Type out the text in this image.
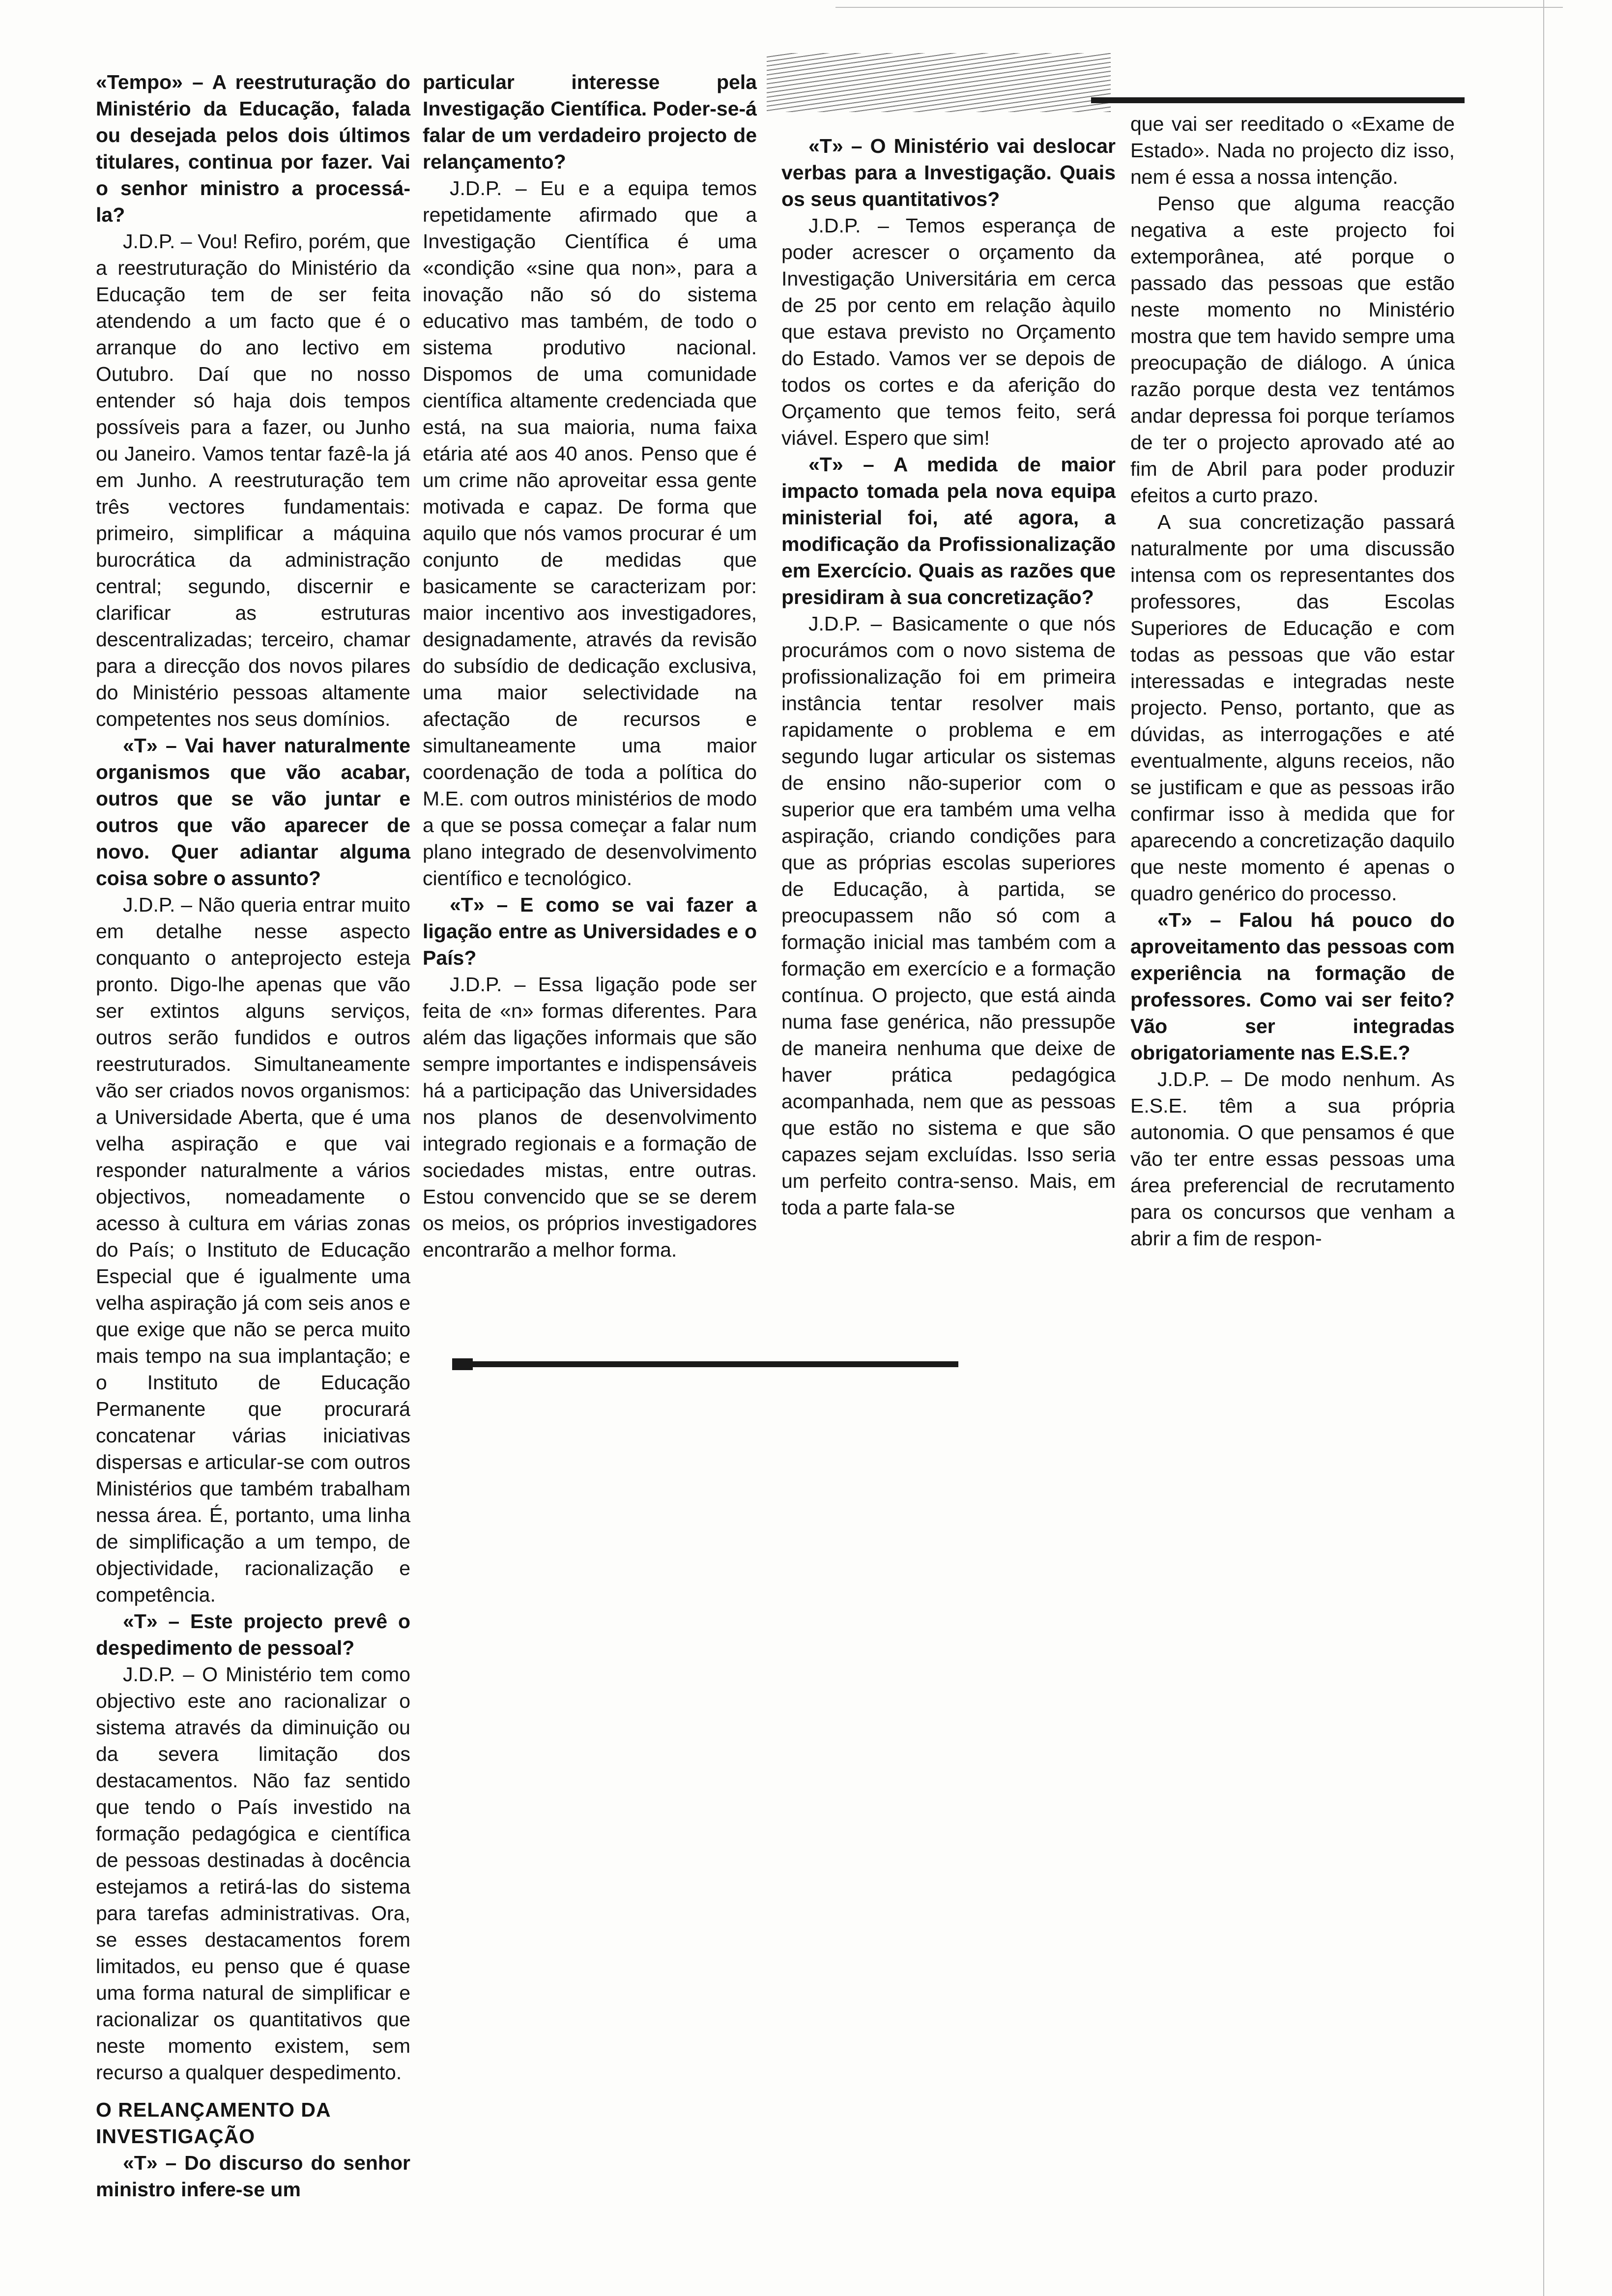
«Tempo» – A reestruturação do Ministério da Educação, falada ou desejada pelos dois últimos titulares, continua por fazer. Vai o senhor ministro a processá-la?

J.D.P. – Vou! Refiro, porém, que a reestruturação do Ministério da Educação tem de ser feita atendendo a um facto que é o arranque do ano lectivo em Outubro. Daí que no nosso entender só haja dois tempos possíveis para a fazer, ou Junho ou Janeiro. Vamos tentar fazê-la já em Junho. A reestruturação tem três vectores fundamentais: primeiro, simplificar a máquina burocrática da administração central; segundo, discernir e clarificar as estruturas descentralizadas; terceiro, chamar para a direcção dos novos pilares do Ministério pessoas altamente competentes nos seus domínios.

«T» – Vai haver naturalmente organismos que vão acabar, outros que se vão juntar e outros que vão aparecer de novo. Quer adiantar alguma coisa sobre o assunto?

J.D.P. – Não queria entrar muito em detalhe nesse aspecto conquanto o anteprojecto esteja pronto. Digo-lhe apenas que vão ser extintos alguns serviços, outros serão fundidos e outros reestruturados. Simultaneamente vão ser criados novos organismos: a Universidade Aberta, que é uma velha aspiração e que vai responder naturalmente a vários objectivos, nomeadamente o acesso à cultura em várias zonas do País; o Instituto de Educação Especial que é igualmente uma velha aspiração já com seis anos e que exige que não se perca muito mais tempo na sua implantação; e o Instituto de Educação Permanente que procurará concatenar várias iniciativas dispersas e articular-se com outros Ministérios que também trabalham nessa área. É, portanto, uma linha de simplificação a um tempo, de objectividade, racionalização e competência.

«T» – Este projecto prevê o despedimento de pessoal?

J.D.P. – O Ministério tem como objectivo este ano racionalizar o sistema através da diminuição ou da severa limitação dos destacamentos. Não faz sentido que tendo o País investido na formação pedagógica e científica de pessoas destinadas à docência estejamos a retirá-las do sistema para tarefas administrativas. Ora, se esses destacamentos forem limitados, eu penso que é quase uma forma natural de simplificar e racionalizar os quantitativos que neste momento existem, sem recurso a qualquer despedimento.

O RELANÇAMENTO DA INVESTIGAÇÃO

«T» – Do discurso do senhor ministro infere-se um

particular interesse pela Investigação Científica. Poder-se-á falar de um verdadeiro projecto de relançamento?

J.D.P. – Eu e a equipa temos repetidamente afirmado que a Investigação Científica é uma «condição «sine qua non», para a inovação não só do sistema educativo mas também, de todo o sistema produtivo nacional. Dispomos de uma comunidade científica altamente credenciada que está, na sua maioria, numa faixa etária até aos 40 anos. Penso que é um crime não aproveitar essa gente motivada e capaz. De forma que aquilo que nós vamos procurar é um conjunto de medidas que basicamente se caracterizam por: maior incentivo aos investigadores, designadamente, através da revisão do subsídio de dedicação exclusiva, uma maior selectividade na afectação de recursos e simultaneamente uma maior coordenação de toda a política do M.E. com outros ministérios de modo a que se possa começar a falar num plano integrado de desenvolvimento científico e tecnológico.

«T» – E como se vai fazer a ligação entre as Universidades e o País?

J.D.P. – Essa ligação pode ser feita de «n» formas diferentes. Para além das ligações informais que são sempre importantes e indispensáveis há a participação das Universidades nos planos de desenvolvimento integrado regionais e a formação de sociedades mistas, entre outras. Estou convencido que se se derem os meios, os próprios investigadores encontrarão a melhor forma.

«T» – O Ministério vai deslocar verbas para a Investigação. Quais os seus quantitativos?

J.D.P. – Temos esperança de poder acrescer o orçamento da Investigação Universitária em cerca de 25 por cento em relação àquilo que estava previsto no Orçamento do Estado. Vamos ver se depois de todos os cortes e da aferição do Orçamento que temos feito, será viável. Espero que sim!

«T» – A medida de maior impacto tomada pela nova equipa ministerial foi, até agora, a modificação da Profissionalização em Exercício. Quais as razões que presidiram à sua concretização?

J.D.P. – Basicamente o que nós procurámos com o novo sistema de profissionalização foi em primeira instância tentar resolver mais rapidamente o problema e em segundo lugar articular os sistemas de ensino não-superior com o superior que era também uma velha aspiração, criando condições para que as próprias escolas superiores de Educação, à partida, se preocupassem não só com a formação inicial mas também com a formação em exercício e a formação contínua. O projecto, que está ainda numa fase genérica, não pressupõe de maneira nenhuma que deixe de haver prática pedagógica acompanhada, nem que as pessoas que estão no sistema e que são capazes sejam excluídas. Isso seria um perfeito contra-senso. Mais, em toda a parte fala-se

que vai ser reeditado o «Exame de Estado». Nada no projecto diz isso, nem é essa a nossa intenção.

Penso que alguma reacção negativa a este projecto foi extemporânea, até porque o passado das pessoas que estão neste momento no Ministério mostra que tem havido sempre uma preocupação de diálogo. A única razão porque desta vez tentámos andar depressa foi porque teríamos de ter o projecto aprovado até ao fim de Abril para poder produzir efeitos a curto prazo.

A sua concretização passará naturalmente por uma discussão intensa com os representantes dos professores, das Escolas Superiores de Educação e com todas as pessoas que vão estar interessadas e integradas neste projecto. Penso, portanto, que as dúvidas, as interrogações e até eventualmente, alguns receios, não se justificam e que as pessoas irão confirmar isso à medida que for aparecendo a concretização daquilo que neste momento é apenas o quadro genérico do processo.

«T» – Falou há pouco do aproveitamento das pessoas com experiência na formação de professores. Como vai ser feito? Vão ser integradas obrigatoriamente nas E.S.E.?

J.D.P. – De modo nenhum. As E.S.E. têm a sua própria autonomia. O que pensamos é que vão ter entre essas pessoas uma área preferencial de recrutamento para os concursos que venham a abrir a fim de respon-
